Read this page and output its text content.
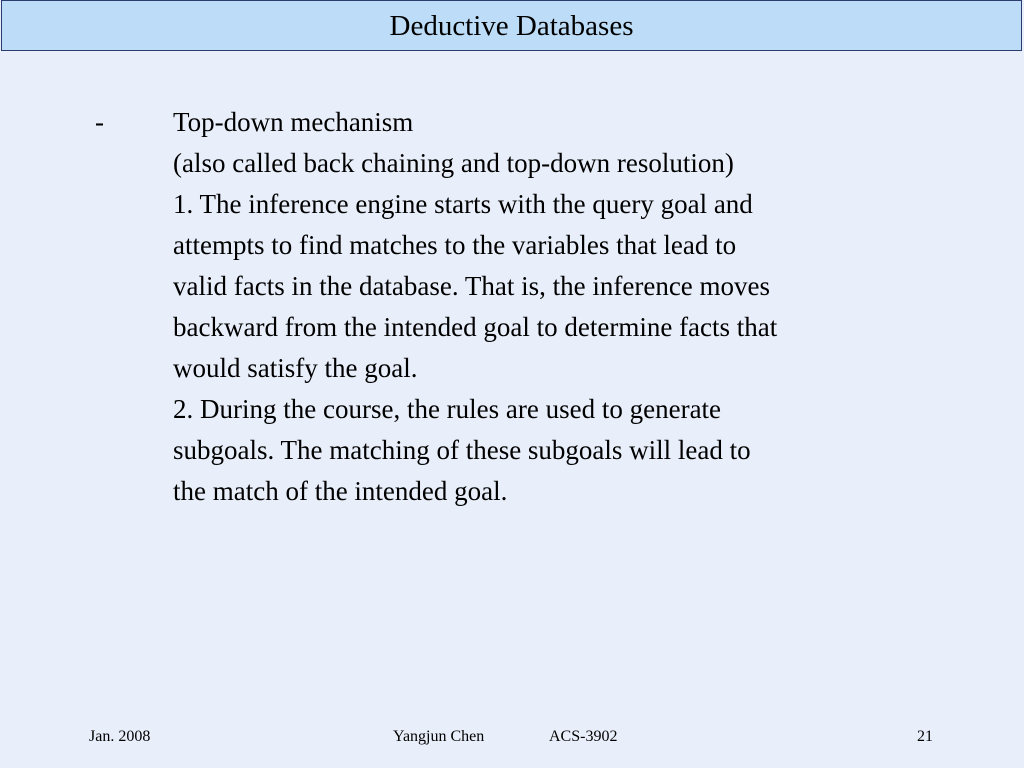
Deductive Databases
-	Top-down mechanism
(also called back chaining and top-down resolution)
1. The inference engine starts with the query goal and
attempts to find matches to the variables that lead to
valid facts in the database. That is, the inference moves
backward from the intended goal to determine facts that
would satisfy the goal.
2. During the course, the rules are used to generate
subgoals. The matching of these subgoals will lead to
the match of the intended goal.
Jan. 2008	Yangjun Chen	ACS-3902	21
